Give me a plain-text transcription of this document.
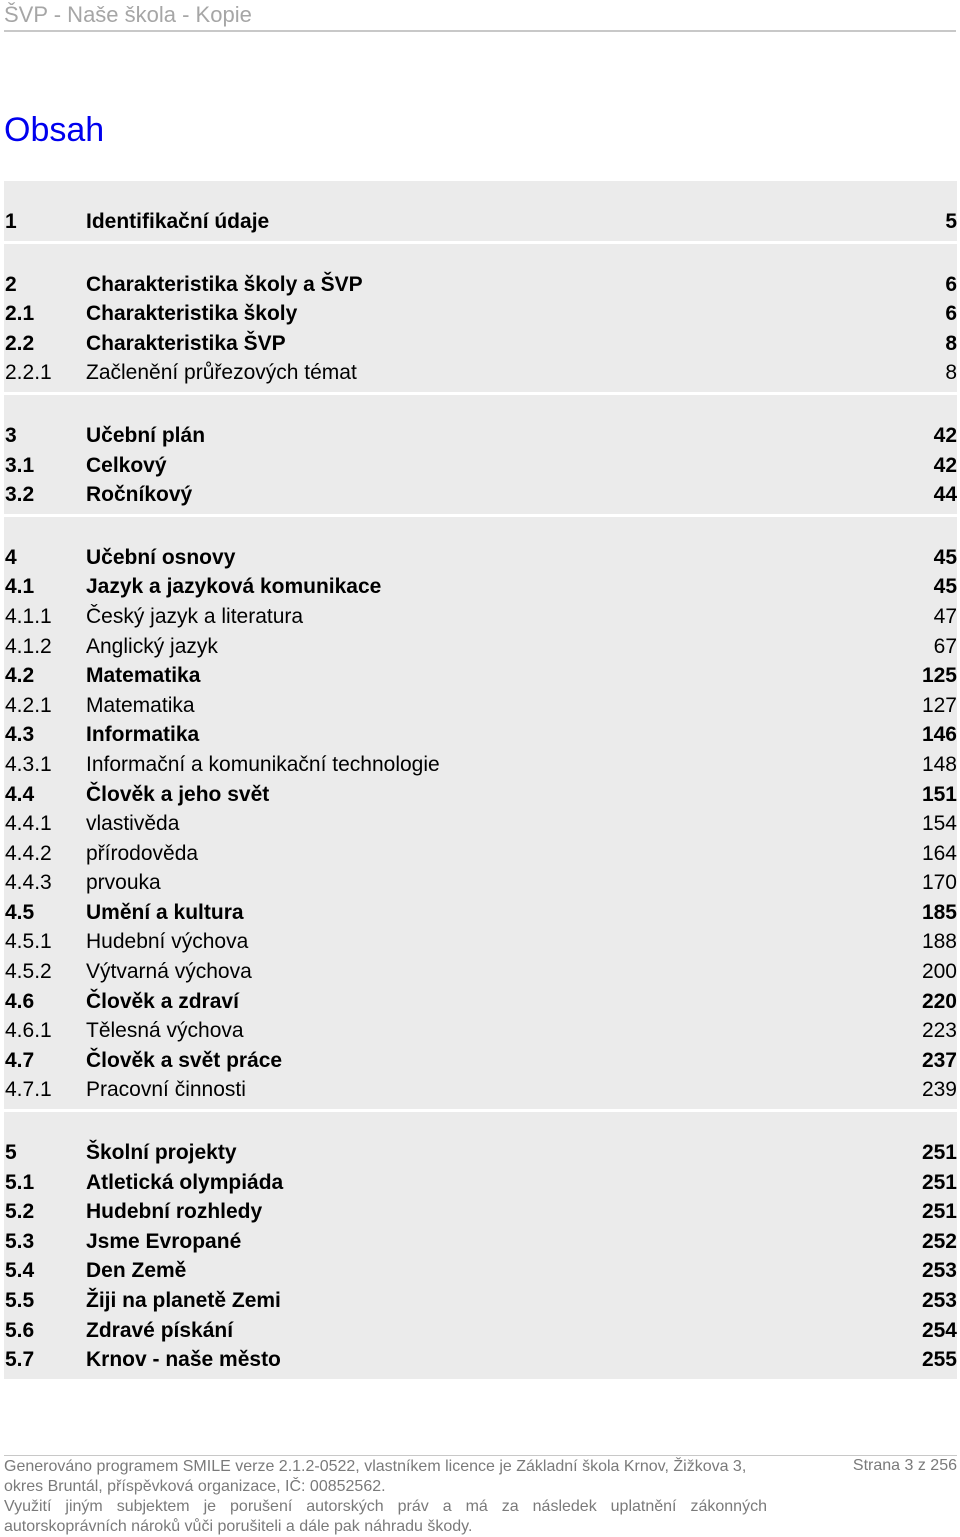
ŠVP - Naše škola - Kopie
Obsah
1	Identifikační údaje	5
2	Charakteristika školy a ŠVP	6
2.1 Charakteristika školy	6
2.2 Charakteristika ŠVP	8
2.2.1 Začlenění průřezových témat	8
3	Učební plán	42
3.1 Celkový	42
3.2 Ročníkový	44
4	Učební osnovy	45
4.1 Jazyk a jazyková komunikace	45
4.1.1 Český jazyk a literatura	47
4.1.2 Anglický jazyk	67
4.2 Matematika	125
4.2.1 Matematika	127
4.3 Informatika	146
4.3.1 Informační a komunikační technologie	148
4.4 Člověk a jeho svět	151
4.4.1 vlastivěda	154
4.4.2 přírodověda	164
4.4.3 prvouka	170
4.5 Umění a kultura	185
4.5.1 Hudební výchova	188
4.5.2 Výtvarná výchova	200
4.6 Člověk a zdraví	220
4.6.1 Tělesná výchova	223
4.7 Člověk a svět práce	237
4.7.1 Pracovní činnosti	239
5	Školní projekty	251
5.1 Atletická olympiáda	251
5.2 Hudební rozhledy	251
5.3 Jsme Evropané	252
5.4 Den Země	253
5.5 Žiji na planetě Zemi	253
5.6 Zdravé pískání	254
5.7 Krnov - naše město	255
Generováno programem SMILE verze 2.1.2-0522, vlastníkem licence je Základní škola Krnov, Žižkova 3,	Strana 3 z 256
okres Bruntál, příspěvková organizace, IČ: 00852562.
Využití jiným subjektem je porušení autorských práv a má za následek uplatnění zákonných
autorskoprávních nároků vůči porušiteli a dále pak náhradu škody.
